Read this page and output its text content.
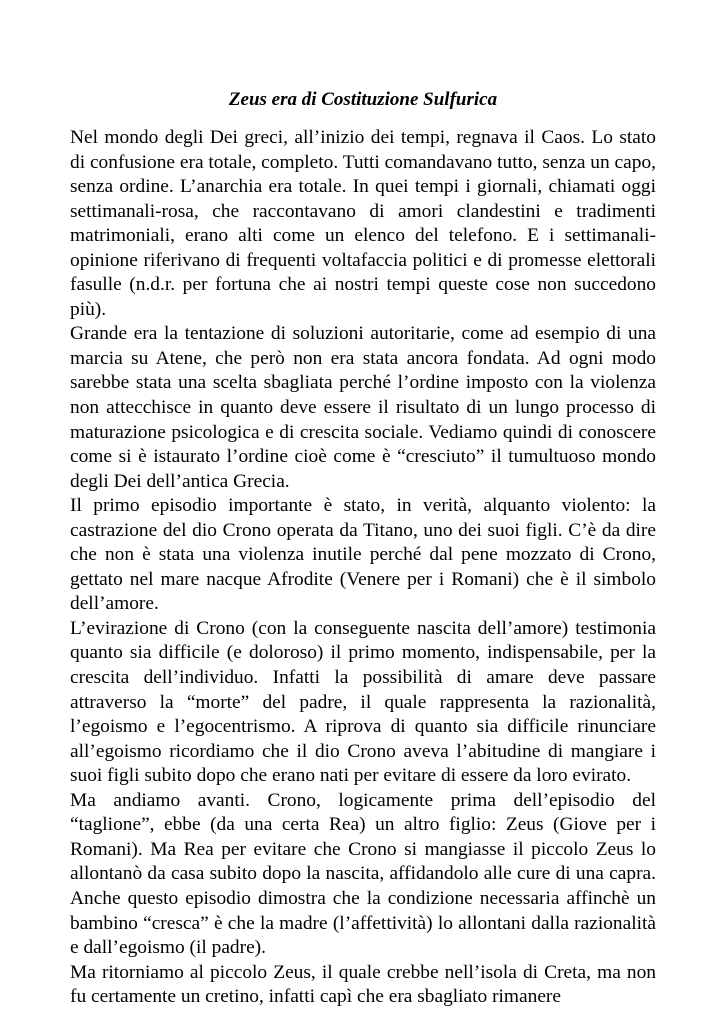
Zeus era di Costituzione Sulfurica

Nel mondo degli Dei greci, all’inizio dei tempi, regnava il Caos. Lo stato di confusione era totale, completo. Tutti comandavano tutto, senza un capo, senza ordine. L’anarchia era totale. In quei tempi i giornali, chiamati oggi settimanali-rosa, che raccontavano di amori clandestini e tradimenti matrimoniali, erano alti come un elenco del telefono. E i settimanali-opinione riferivano di frequenti voltafaccia politici e di promesse elettorali fasulle (n.d.r. per fortuna che ai nostri tempi queste cose non succedono più).

Grande era la tentazione di soluzioni autoritarie, come ad esempio di una marcia su Atene, che però non era stata ancora fondata. Ad ogni modo sarebbe stata una scelta sbagliata perché l’ordine imposto con la violenza non attecchisce in quanto deve essere il risultato di un lungo processo di maturazione psicologica e di crescita sociale. Vediamo quindi di conoscere come si è istaurato l’ordine cioè come è “cresciuto” il tumultuoso mondo degli Dei dell’antica Grecia.

Il primo episodio importante è stato, in verità, alquanto violento: la castrazione del dio Crono operata da Titano, uno dei suoi figli. C’è da dire che non è stata una violenza inutile perché dal pene mozzato di Crono, gettato nel mare nacque Afrodite (Venere per i Romani) che è il simbolo dell’amore.

L’evirazione di Crono (con la conseguente nascita dell’amore) testimonia quanto sia difficile (e doloroso) il primo momento, indispensabile, per la crescita dell’individuo. Infatti la possibilità di amare deve passare attraverso la “morte” del padre, il quale rappresenta la razionalità, l’egoismo e l’egocentrismo. A riprova di quanto sia difficile rinunciare all’egoismo ricordiamo che il dio Crono aveva l’abitudine di mangiare i suoi figli subito dopo che erano nati per evitare di essere da loro evirato.

Ma andiamo avanti. Crono, logicamente prima dell’episodio del “taglione”, ebbe (da una certa Rea) un altro figlio: Zeus (Giove per i Romani). Ma Rea per evitare che Crono si mangiasse il piccolo Zeus lo allontanò da casa subito dopo la nascita, affidandolo alle cure di una capra. Anche questo episodio dimostra che la condizione necessaria affinchè un bambino “cresca” è che la madre (l’affettività) lo allontani dalla razionalità e dall’egoismo (il padre).

Ma ritorniamo al piccolo Zeus, il quale crebbe nell’isola di Creta, ma non fu certamente un cretino, infatti capì che era sbagliato rimanere
